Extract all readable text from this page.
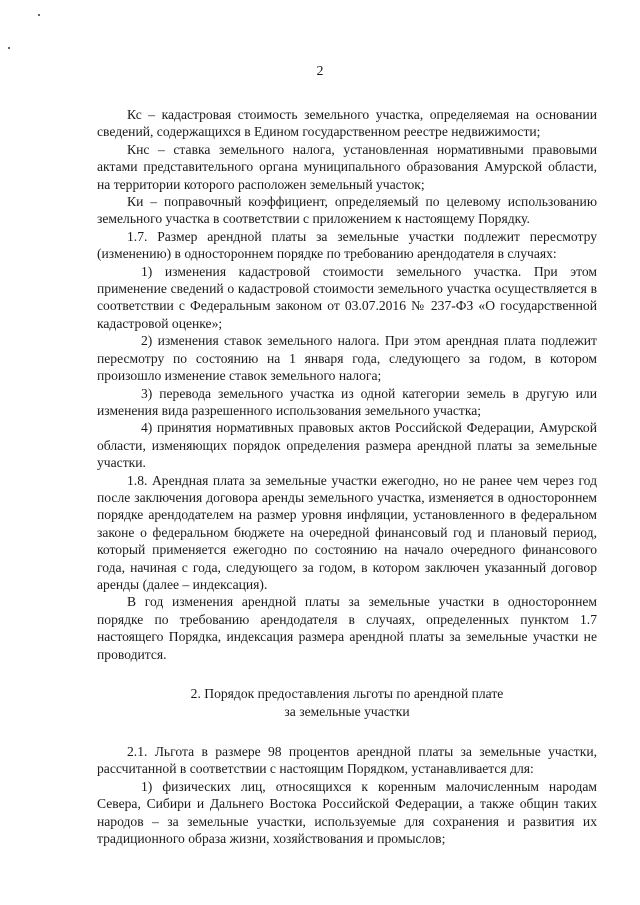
2

Кс – кадастровая стоимость земельного участка, определяемая на основании сведений, содержащихся в Едином государственном реестре недвижимости;

Кнс – ставка земельного налога, установленная нормативными правовыми актами представительного органа муниципального образования Амурской области, на территории которого расположен земельный участок;

Ки – поправочный коэффициент, определяемый по целевому использованию земельного участка в соответствии с приложением к настоящему Порядку.

1.7. Размер арендной платы за земельные участки подлежит пересмотру (изменению) в одностороннем порядке по требованию арендодателя в случаях:

1) изменения кадастровой стоимости земельного участка. При этом применение сведений о кадастровой стоимости земельного участка осуществляется в соответствии с Федеральным законом от 03.07.2016 № 237-ФЗ «О государственной кадастровой оценке»;

2) изменения ставок земельного налога. При этом арендная плата подлежит пересмотру по состоянию на 1 января года, следующего за годом, в котором произошло изменение ставок земельного налога;

3) перевода земельного участка из одной категории земель в другую или изменения вида разрешенного использования земельного участка;

4) принятия нормативных правовых актов Российской Федерации, Амурской области, изменяющих порядок определения размера арендной платы за земельные участки.

1.8. Арендная плата за земельные участки ежегодно, но не ранее чем через год после заключения договора аренды земельного участка, изменяется в одностороннем порядке арендодателем на размер уровня инфляции, установленного в федеральном законе о федеральном бюджете на очередной финансовый год и плановый период, который применяется ежегодно по состоянию на начало очередного финансового года, начиная с года, следующего за годом, в котором заключен указанный договор аренды (далее – индексация).

В год изменения арендной платы за земельные участки в одностороннем порядке по требованию арендодателя в случаях, определенных пунктом 1.7 настоящего Порядка, индексация размера арендной платы за земельные участки не проводится.

2. Порядок предоставления льготы по арендной плате
за земельные участки

2.1. Льгота в размере 98 процентов арендной платы за земельные участки, рассчитанной в соответствии с настоящим Порядком, устанавливается для:

1) физических лиц, относящихся к коренным малочисленным народам Севера, Сибири и Дальнего Востока Российской Федерации, а также общин таких народов – за земельные участки, используемые для сохранения и развития их традиционного образа жизни, хозяйствования и промыслов;
